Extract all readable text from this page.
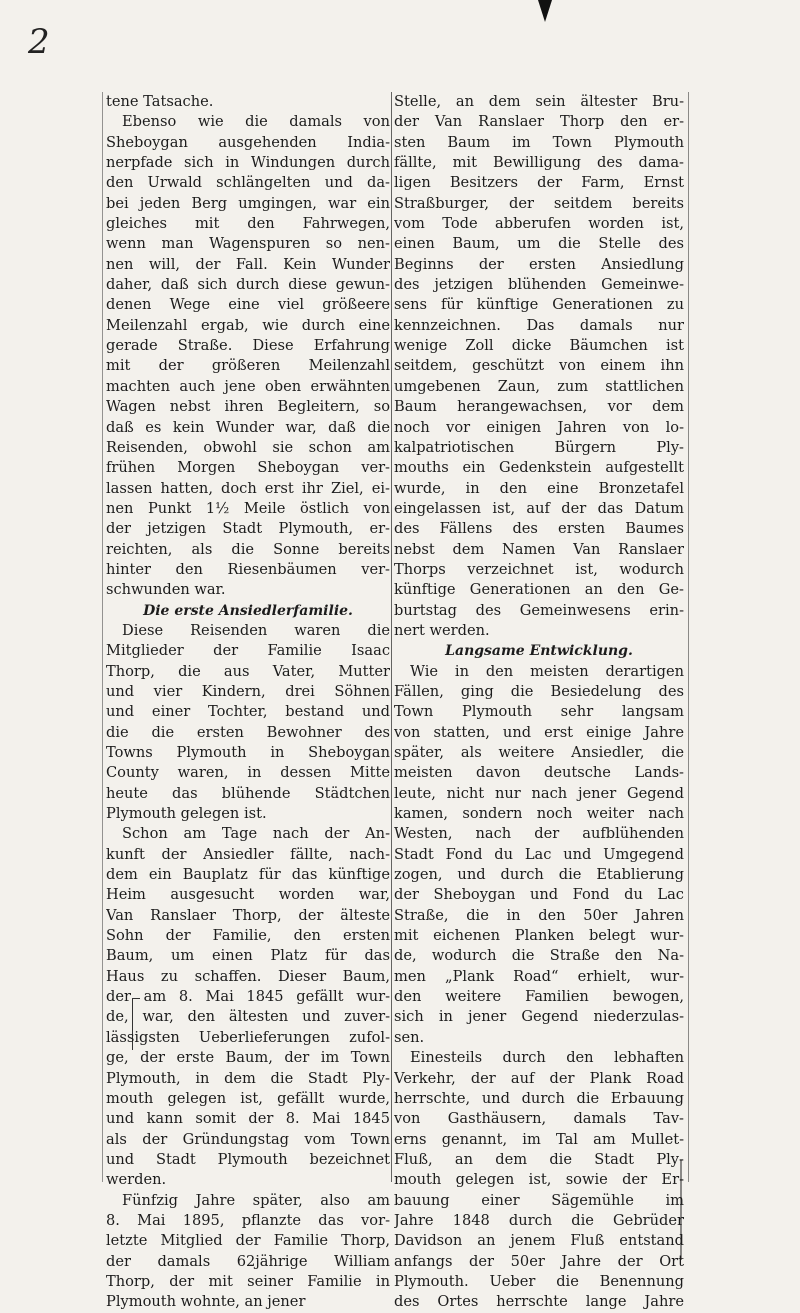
2
tene Tatsache.
Ebenso wie die damals von
Sheboygan ausgehenden India-
nerpfade sich in Windungen durch
den Urwald schlängelten und da-
bei jeden Berg umgingen, war ein
gleiches mit den Fahrwegen,
wenn man Wagenspuren so nen-
nen will, der Fall. Kein Wunder
daher, daß sich durch diese gewun-
denen Wege eine viel größeere
Meilenzahl ergab, wie durch eine
gerade Straße. Diese Erfahrung
mit der größeren Meilenzahl
machten auch jene oben erwähnten
Wagen nebst ihren Begleitern, so
daß es kein Wunder war, daß die
Reisenden, obwohl sie schon am
frühen Morgen Sheboygan ver-
lassen hatten, doch erst ihr Ziel, ei-
nen Punkt 1½ Meile östlich von
der jetzigen Stadt Plymouth, er-
reichten, als die Sonne bereits
hinter den Riesenbäumen ver-
schwunden war.
Die erste Ansiedlerfamilie.
Diese Reisenden waren die
Mitglieder der Familie Isaac
Thorp, die aus Vater, Mutter
und vier Kindern, drei Söhnen
und einer Tochter, bestand und
die die ersten Bewohner des
Towns Plymouth in Sheboygan
County waren, in dessen Mitte
heute das blühende Städtchen
Plymouth gelegen ist.
Schon am Tage nach der An-
kunft der Ansiedler fällte, nach-
dem ein Bauplatz für das künftige
Heim ausgesucht worden war,
Van Ranslaer Thorp, der älteste
Sohn der Familie, den ersten
Baum, um einen Platz für das
Haus zu schaffen. Dieser Baum,
der am 8. Mai 1845 gefällt wur-
de, war, den ältesten und zuver-
lässigsten Ueberlieferungen zufol-
ge, der erste Baum, der im Town
Plymouth, in dem die Stadt Ply-
mouth gelegen ist, gefällt wurde,
und kann somit der 8. Mai 1845
als der Gründungstag vom Town
und Stadt Plymouth bezeichnet
werden.
Fünfzig Jahre später, also am
8. Mai 1895, pflanzte das vor-
letzte Mitglied der Familie Thorp,
der damals 62jährige William
Thorp, der mit seiner Familie in
Plymouth wohnte, an jener
Stelle, an dem sein ältester Bru-
der Van Ranslaer Thorp den er-
sten Baum im Town Plymouth
fällte, mit Bewilligung des dama-
ligen Besitzers der Farm, Ernst
Straßburger, der seitdem bereits
vom Tode abberufen worden ist,
einen Baum, um die Stelle des
Beginns der ersten Ansiedlung
des jetzigen blühenden Gemeinwe-
sens für künftige Generationen zu
kennzeichnen. Das damals nur
wenige Zoll dicke Bäumchen ist
seitdem, geschützt von einem ihn
umgebenen Zaun, zum stattlichen
Baum herangewachsen, vor dem
noch vor einigen Jahren von lo-
kalpatriotischen Bürgern Ply-
mouths ein Gedenkstein aufgestellt
wurde, in den eine Bronzetafel
eingelassen ist, auf der das Datum
des Fällens des ersten Baumes
nebst dem Namen Van Ranslaer
Thorps verzeichnet ist, wodurch
künftige Generationen an den Ge-
burtstag des Gemeinwesens erin-
nert werden.
Langsame Entwicklung.
Wie in den meisten derartigen
Fällen, ging die Besiedelung des
Town Plymouth sehr langsam
von statten, und erst einige Jahre
später, als weitere Ansiedler, die
meisten davon deutsche Lands-
leute, nicht nur nach jener Gegend
kamen, sondern noch weiter nach
Westen, nach der aufblühenden
Stadt Fond du Lac und Umgegend
zogen, und durch die Etablierung
der Sheboygan und Fond du Lac
Straße, die in den 50er Jahren
mit eichenen Planken belegt wur-
de, wodurch die Straße den Na-
men „Plank Road“ erhielt, wur-
den weitere Familien bewogen,
sich in jener Gegend niederzulas-
sen.
Einesteils durch den lebhaften
Verkehr, der auf der Plank Road
herrschte, und durch die Erbauung
von Gasthäusern, damals Tav-
erns genannt, im Tal am Mullet-
Fluß, an dem die Stadt Ply-
mouth gelegen ist, sowie der Er-
bauung einer Sägemühle im
Jahre 1848 durch die Gebrüder
Davidson an jenem Fluß entstand
anfangs der 50er Jahre der Ort
Plymouth. Ueber die Benennung
des Ortes herrschte lange Jahre
